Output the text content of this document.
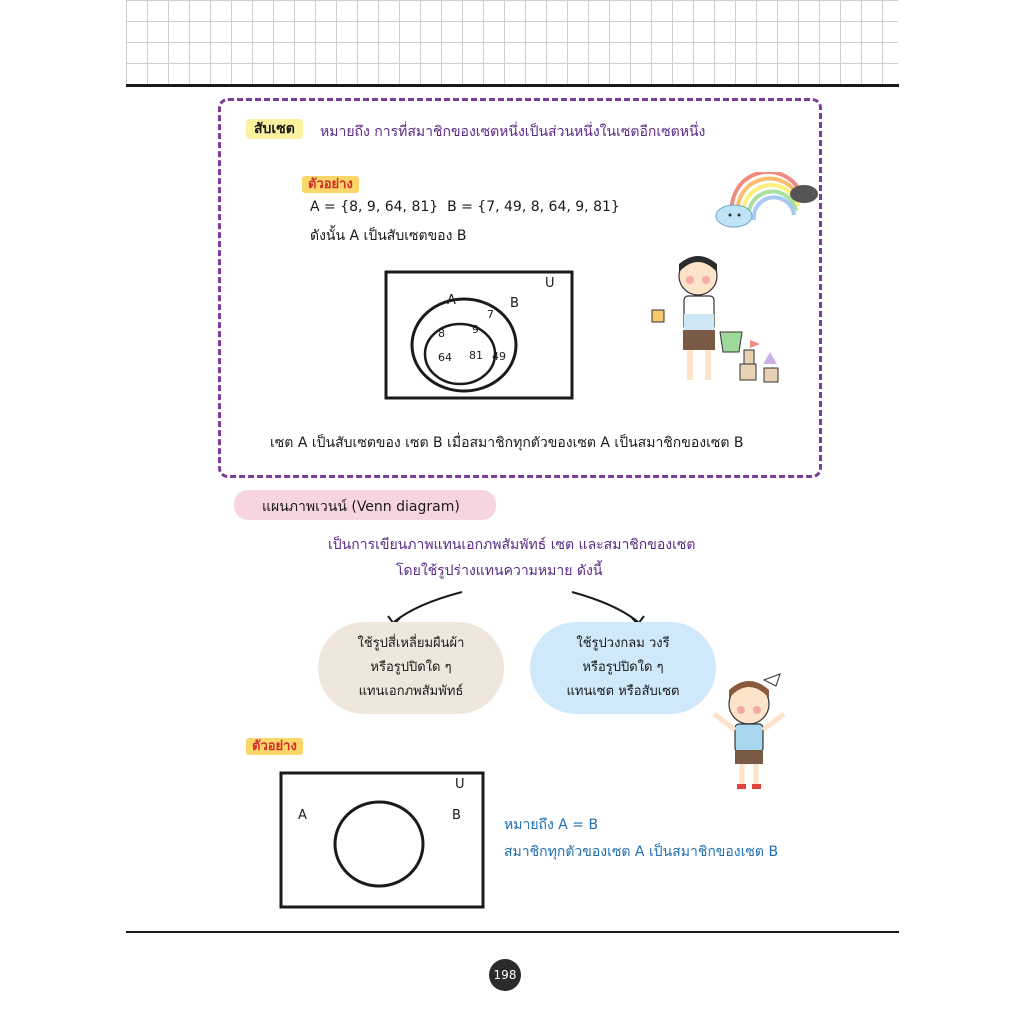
สับเซต	หมายถึง การที่สมาชิกของเซตหนึ่งเป็นส่วนหนึ่งในเซตอีกเซตหนึ่ง
ตัวอย่าง
A = {8, 9, 64, 81}  B = {7, 49, 8, 64, 9, 81}
ดังนั้น A เป็นสับเซตของ B
U
A	B
8 9
64 81
7
49
เซต A เป็นสับเซตของ เซต B เมื่อสมาชิกทุกตัวของเซต A เป็นสมาชิกของเซต B
แผนภาพเวนน์ (Venn diagram)
เป็นการเขียนภาพแทนเอกภพสัมพัทธ์ เซต และสมาชิกของเซต
โดยใช้รูปร่างแทนความหมาย ดังนี้
ใช้รูปสี่เหลี่ยมผืนผ้า
หรือรูปปิดใด ๆ
แทนเอกภพสัมพัทธ์
ใช้รูปวงกลม วงรี
หรือรูปปิดใด ๆ
แทนเซต หรือสับเซต
ตัวอย่าง
U
A	B
หมายถึง A = B
สมาชิกทุกตัวของเซต A เป็นสมาชิกของเซต B
198
